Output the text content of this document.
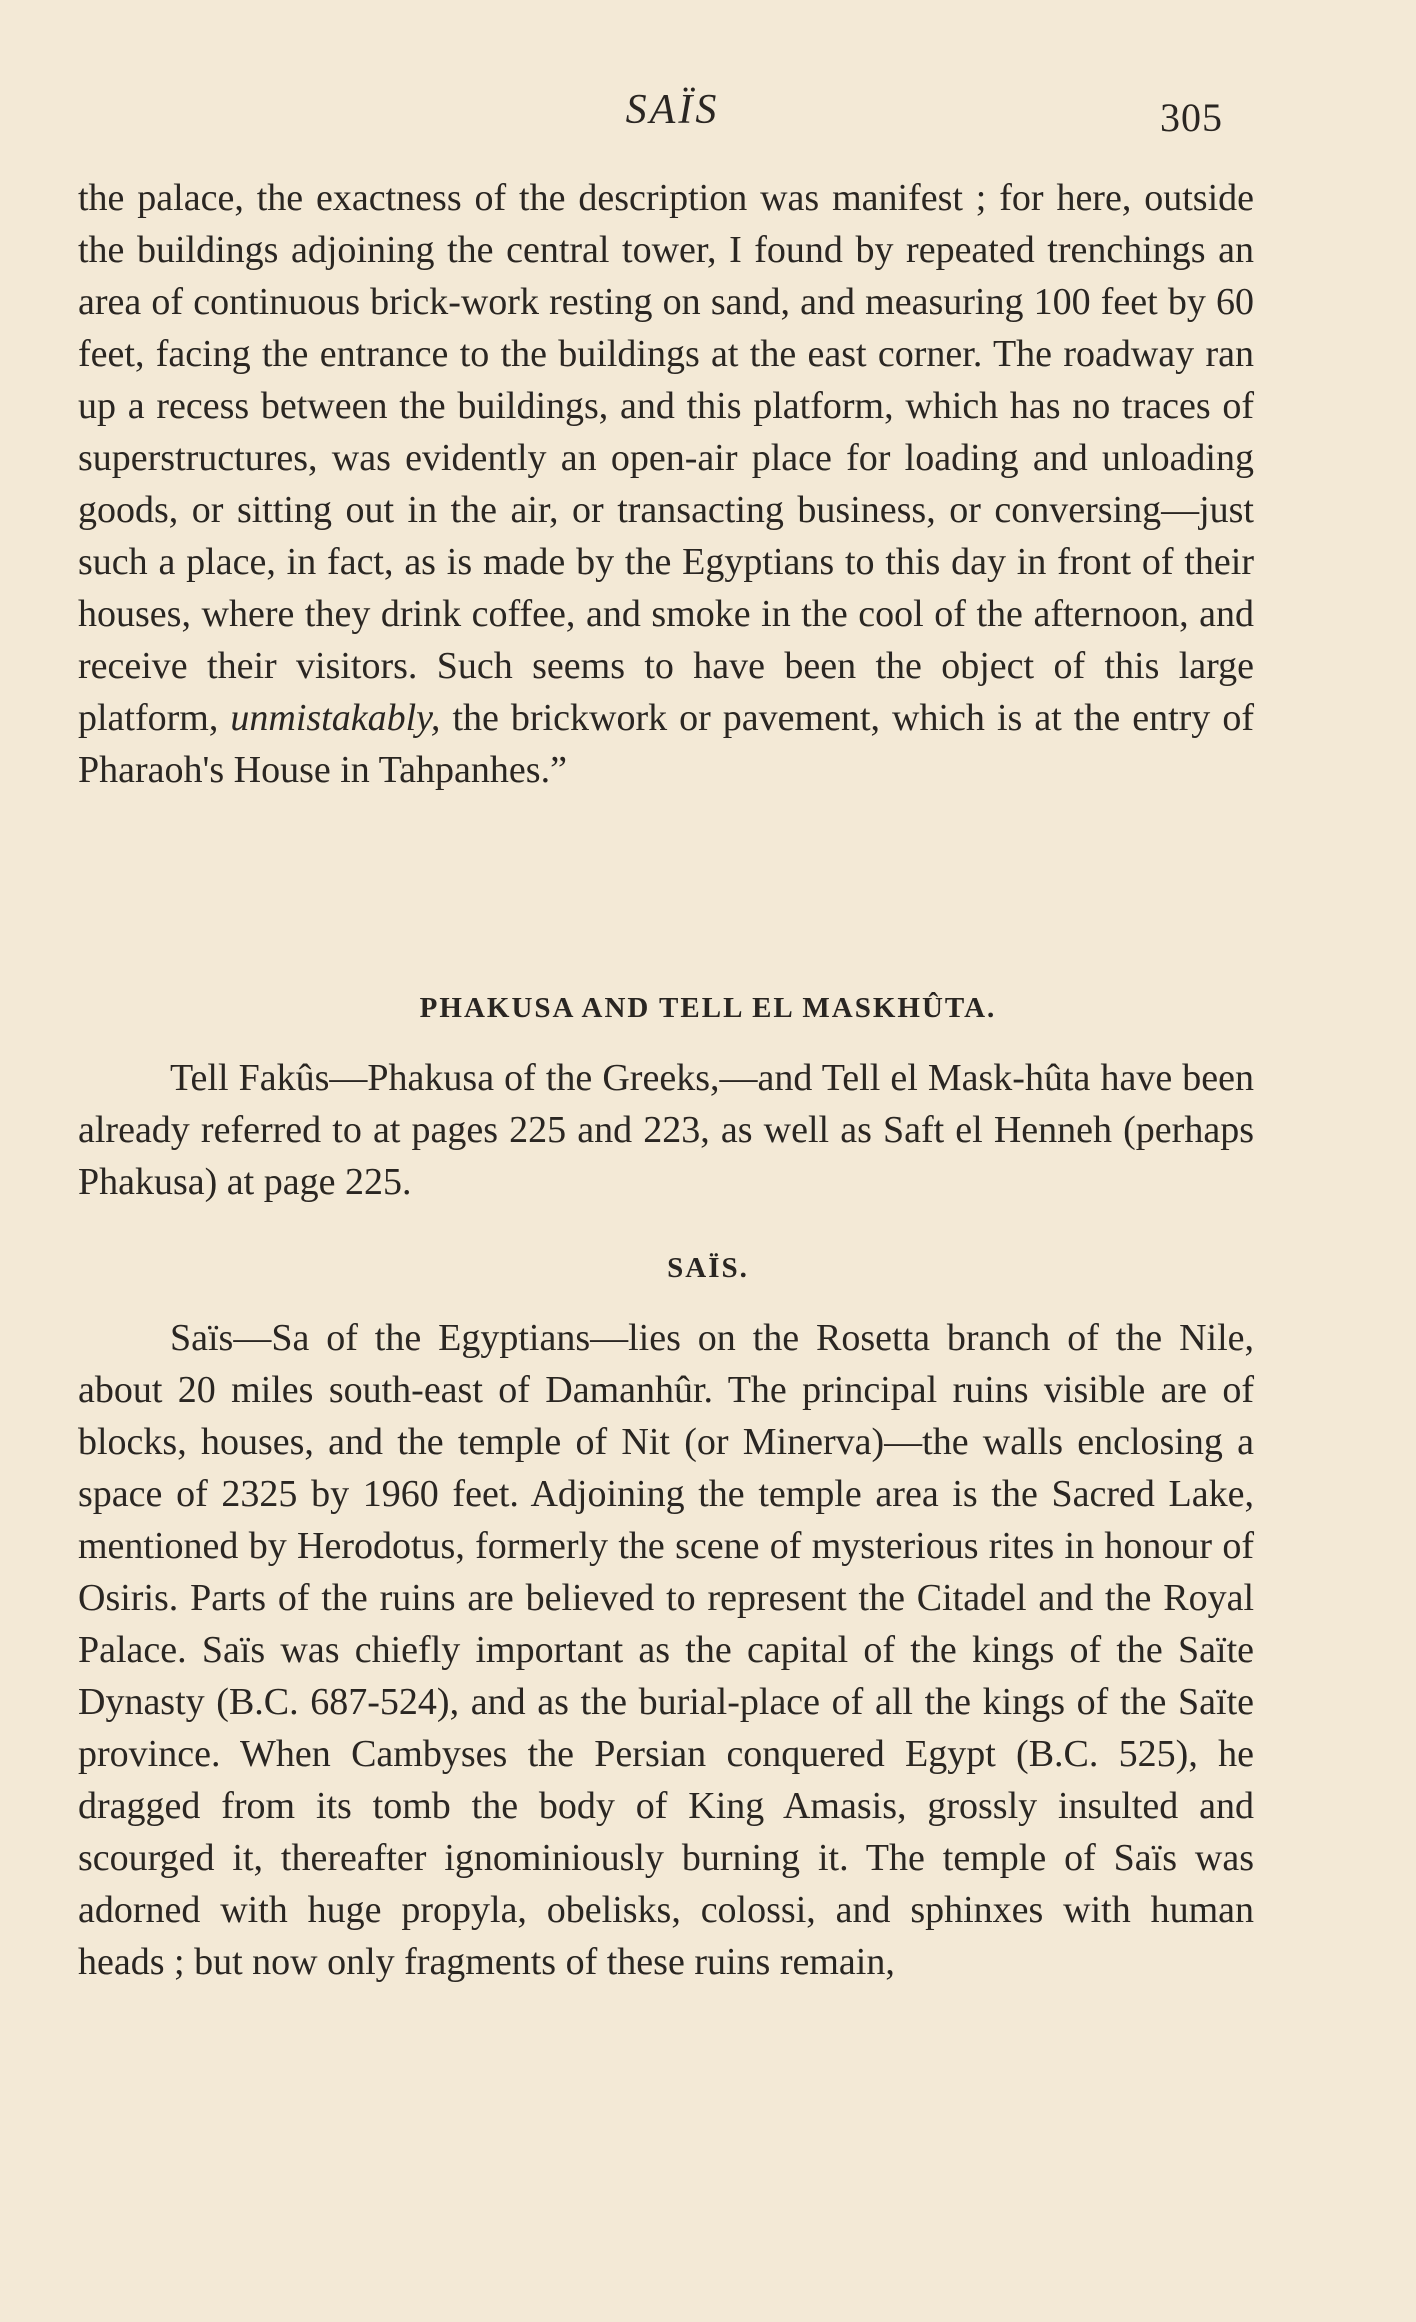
SAÏS	305

the palace, the exactness of the description was manifest ; for here, outside the buildings adjoining the central tower, I found by repeated trenchings an area of continuous brick-work resting on sand, and measuring 100 feet by 60 feet, facing the entrance to the buildings at the east corner. The roadway ran up a recess between the buildings, and this platform, which has no traces of superstructures, was evidently an open-air place for loading and unloading goods, or sitting out in the air, or transacting business, or conversing—just such a place, in fact, as is made by the Egyptians to this day in front of their houses, where they drink coffee, and smoke in the cool of the afternoon, and receive their visitors. Such seems to have been the object of this large platform, unmistakably, the brickwork or pavement, which is at the entry of Pharaoh's House in Tahpanhes.”

PHAKUSA AND TELL EL MASKHÛTA.

Tell Fakûs—Phakusa of the Greeks,—and Tell el Mask-hûta have been already referred to at pages 225 and 223, as well as Saft el Henneh (perhaps Phakusa) at page 225.

SAÏS.

Saïs—Sa of the Egyptians—lies on the Rosetta branch of the Nile, about 20 miles south-east of Damanhûr. The principal ruins visible are of blocks, houses, and the temple of Nit (or Minerva)—the walls enclosing a space of 2325 by 1960 feet. Adjoining the temple area is the Sacred Lake, mentioned by Herodotus, formerly the scene of mysterious rites in honour of Osiris. Parts of the ruins are believed to represent the Citadel and the Royal Palace. Saïs was chiefly important as the capital of the kings of the Saïte Dynasty (B.C. 687-524), and as the burial-place of all the kings of the Saïte province. When Cambyses the Persian conquered Egypt (B.C. 525), he dragged from its tomb the body of King Amasis, grossly insulted and scourged it, thereafter ignominiously burning it. The temple of Saïs was adorned with huge propyla, obelisks, colossi, and sphinxes with human heads ; but now only fragments of these ruins remain,
